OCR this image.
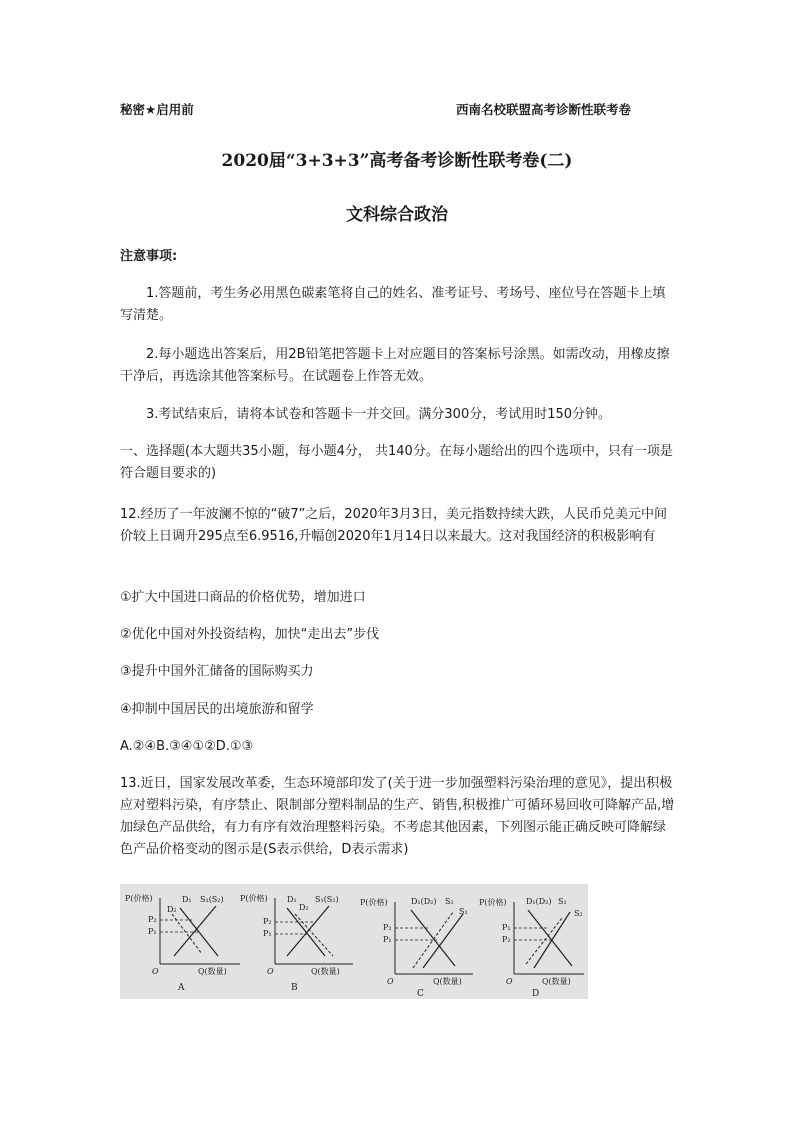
秘密★启用前	西南名校联盟高考诊断性联考卷
2020届“3+3+3”高考备考诊断性联考卷(二)
文科综合政治
注意事项:
1.答题前，考生务必用黑色碳素笔将自己的姓名、准考证号、考场号、座位号在答题卡上填写清楚。
2.每小题选出答案后，用2B铅笔把答题卡上对应题目的答案标号涂黑。如需改动，用橡皮擦干净后，再选涂其他答案标号。在试题卷上作答无效。
3.考试结束后，请将本试卷和答题卡一并交回。满分300分，考试用时150分钟。
一、选择题(本大题共35小题，每小题4分， 共140分。在每小题给出的四个选项中，只有一项是符合题目要求的)
12.经历了一年波澜不惊的“破7”之后，2020年3月3日，美元指数持续大跌，人民币兑美元中间价较上日调升295点至6.9516,升幅创2020年1月14日以来最大。这对我国经济的积极影响有
①扩大中国进口商品的价格优势，增加进口
②优化中国对外投资结构，加快“走出去”步伐
③提升中国外汇储备的国际购买力
④抑制中国居民的出境旅游和留学
A.②④B.③④①②D.①③
13.近日，国家发展改革委，生态环境部印发了(关于进一步加强塑料污染治理的意见》，提出积极应对塑料污染，有序禁止、限制部分塑料制品的生产、销售,积极推广可循环易回收可降解产品,增加绿色产品供给，有力有序有效治理整料污染。不考虑其他因素，下列图示能正确反映可降解绿色产品价格变动的图示是(S表示供给，D表示需求)
P(价格)
Q(数量)
O
A
D₁
D₂
S₁(S₂)
P₂
P₁
P(价格)
Q(数量)
O
B
D₁
D₂
S₁(S₂)
P₂
P₁
P(价格)
Q(数量)
O
C
D₁(D₂) S₂
S₁
P₂
P₁
P(价格)
Q(数量)
O
D
D₁(D₂) S₁
S₂
P₁
P₂
